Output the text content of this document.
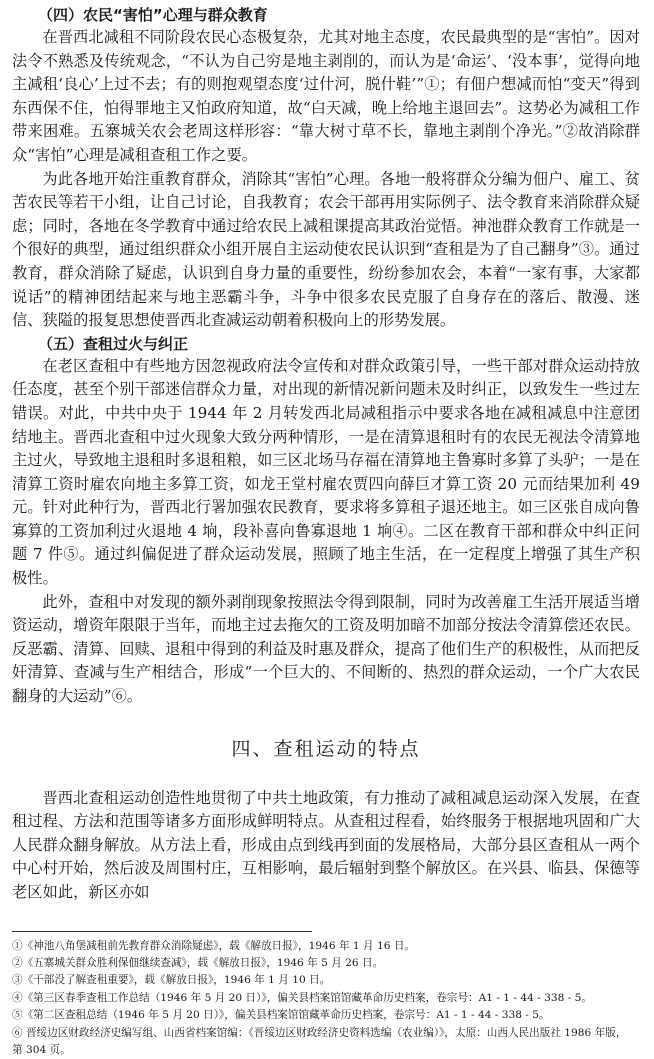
（四）农民“害怕”心理与群众教育

在晋西北减租不同阶段农民心态极复杂，尤其对地主态度，农民最典型的是“害怕”。因对法令不熟悉及传统观念，“不认为自己穷是地主剥削的，而认为是‘命运’、‘没本事’，觉得向地主减租‘良心’上过不去；有的则抱观望态度‘过什河，脱什鞋’”①；有佃户想减而怕“变天”得到东西保不住，怕得罪地主又怕政府知道，故“白天减，晚上给地主退回去”。这势必为减租工作带来困难。五寨城关农会老周这样形容：“靠大树寸草不长，靠地主剥削个净光。”②故消除群众“害怕”心理是减租查租工作之要。

为此各地开始注重教育群众，消除其“害怕”心理。各地一般将群众分编为佃户、雇工、贫苦农民等若干小组，让自己讨论，自我教育；农会干部再用实际例子、法令教育来消除群众疑虑；同时，各地在冬学教育中通过给农民上减租课提高其政治觉悟。神池群众教育工作就是一个很好的典型，通过组织群众小组开展自主运动使农民认识到“查租是为了自己翻身”③。通过教育，群众消除了疑虑，认识到自身力量的重要性，纷纷参加农会，本着“一家有事，大家都说话”的精神团结起来与地主恶霸斗争，斗争中很多农民克服了自身存在的落后、散漫、迷信、狭隘的报复思想使晋西北查减运动朝着积极向上的形势发展。

（五）查租过火与纠正

在老区查租中有些地方因忽视政府法令宣传和对群众政策引导，一些干部对群众运动持放任态度，甚至个别干部迷信群众力量，对出现的新情况新问题未及时纠正，以致发生一些过左错误。对此，中共中央于 1944 年 2 月转发西北局减租指示中要求各地在减租减息中注意团结地主。晋西北查租中过火现象大致分两种情形，一是在清算退租时有的农民无视法令清算地主过火，导致地主退租时多退租粮，如三区北场马存福在清算地主鲁寡时多算了头驴；一是在清算工资时雇农向地主多算工资，如龙王堂村雇农贾四向薛巨才算工资 20 元而结果加利 49 元。针对此种行为，晋西北行署加强农民教育，要求将多算租子退还地主。如三区张自成向鲁寡算的工资加利过火退地 4 垧，段补喜向鲁寡退地 1 垧④。二区在教育干部和群众中纠正问题 7 件⑤。通过纠偏促进了群众运动发展，照顾了地主生活，在一定程度上增强了其生产积极性。

此外，查租中对发现的额外剥削现象按照法令得到限制，同时为改善雇工生活开展适当增资运动，增资年限限于当年，而地主过去拖欠的工资及明加暗不加部分按法令清算偿还农民。反恶霸、清算、回赎、退租中得到的利益及时惠及群众，提高了他们生产的积极性，从而把反奸清算、查减与生产相结合，形成“一个巨大的、不间断的、热烈的群众运动，一个广大农民翻身的大运动”⑥。

四、查租运动的特点

晋西北查租运动创造性地贯彻了中共土地政策，有力推动了减租减息运动深入发展，在查租过程、方法和范围等诸多方面形成鲜明特点。从查租过程看，始终服务于根据地巩固和广大人民群众翻身解放。从方法上看，形成由点到线再到面的发展格局，大部分县区查租从一两个中心村开始，然后波及周围村庄，互相影响，最后辐射到整个解放区。在兴县、临县、保德等老区如此，新区亦如

①《神池八角堡减租前先教育群众消除疑虑》，载《解放日报》，1946 年 1 月 16 日。
②《五寨城关群众胜利保佃继续查减》，载《解放日报》，1946 年 5 月 26 日。
③《干部没了解查租重要》，载《解放日报》，1946 年 1 月 10 日。
④《第三区春季查租工作总结（1946 年 5 月 20 日）》，偏关县档案馆馆藏革命历史档案，卷宗号：A1 - 1 - 44 - 338 - 5。
⑤《第二区查租总结（1946 年 5 月 20 日）》，偏关县档案馆馆藏革命历史档案，卷宗号：A1 - 1 - 44 - 338 - 5。
⑥ 晋绥边区财政经济史编写组、山西省档案馆编：《晋绥边区财政经济史资料选编（农业编）》，太原：山西人民出版社 1986 年版，
第 304 页。
